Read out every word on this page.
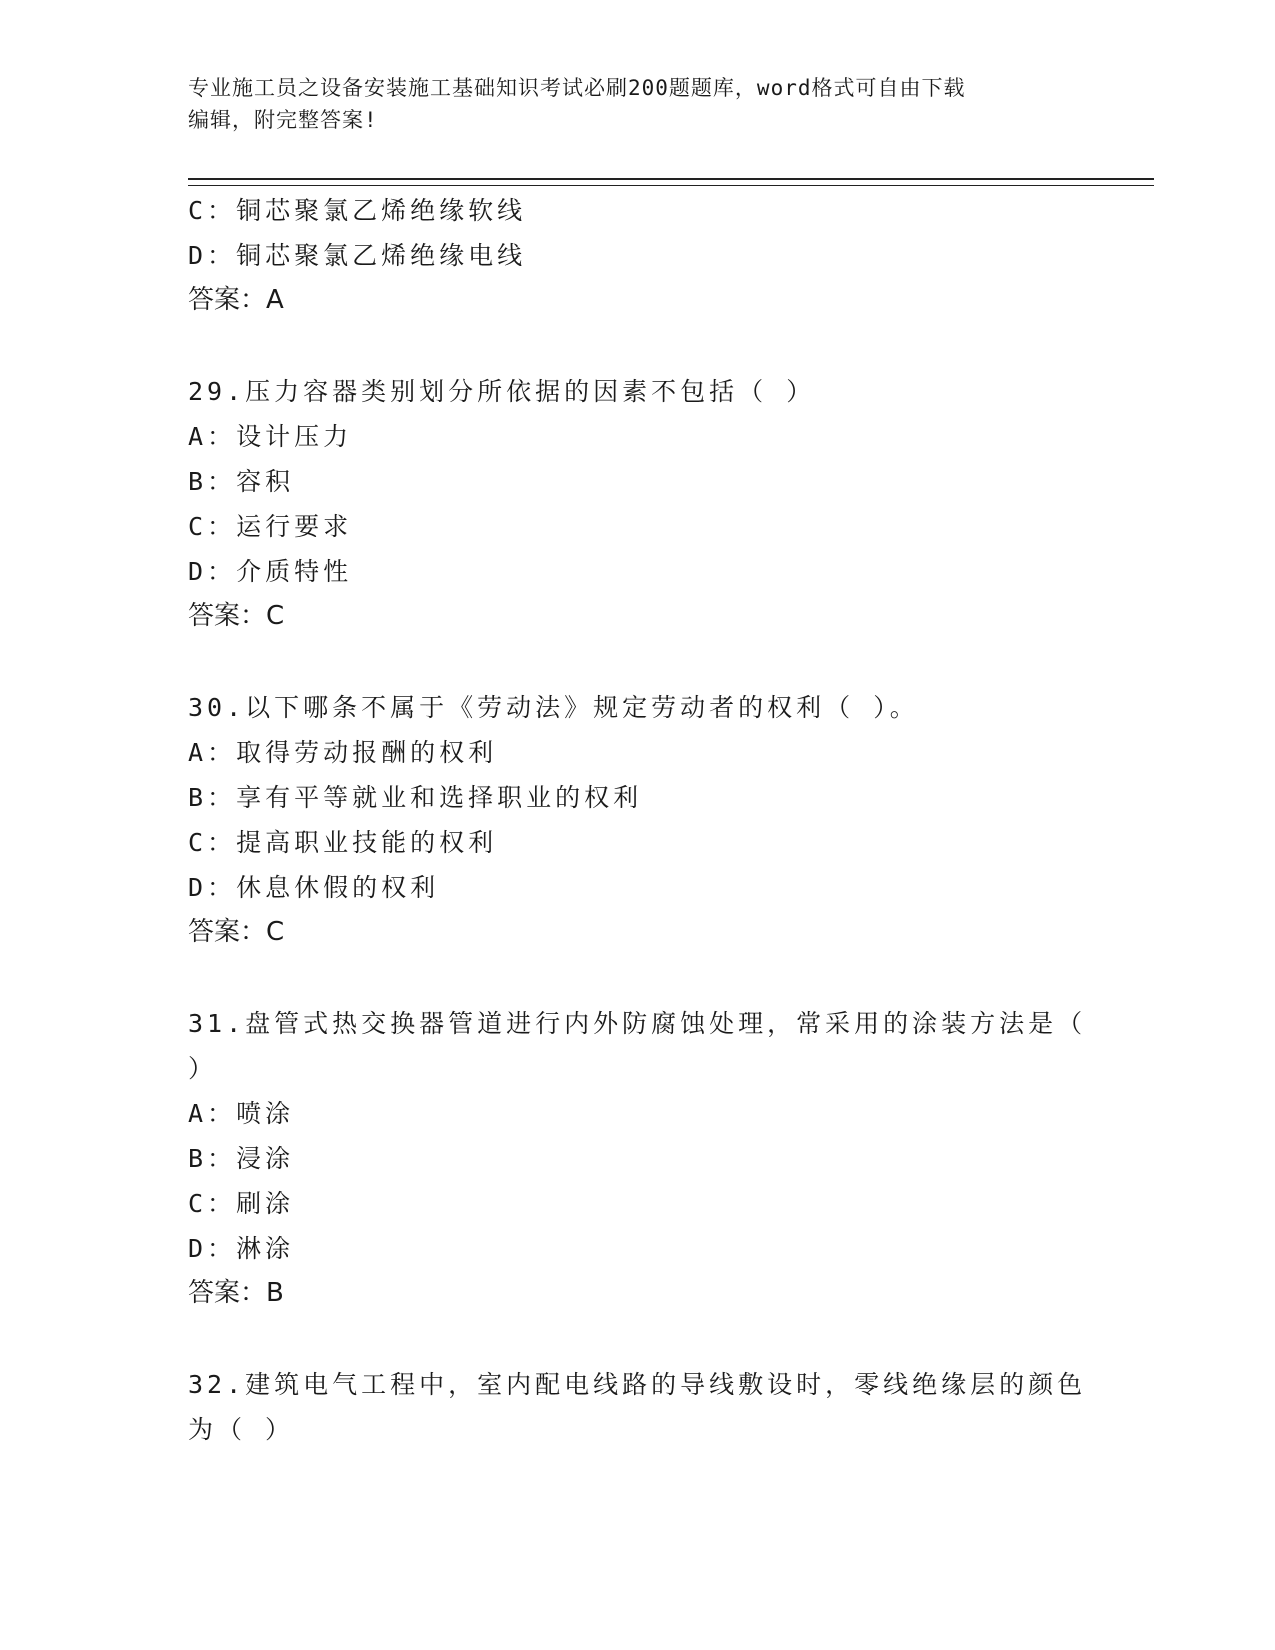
专业施工员之设备安装施工基础知识考试必刷200题题库，word格式可自由下载
编辑，附完整答案!
C：铜芯聚氯乙烯绝缘软线
D：铜芯聚氯乙烯绝缘电线
答案：A
29.压力容器类别划分所依据的因素不包括（ ）
A：设计压力
B：容积
C：运行要求
D：介质特性
答案：C
30.以下哪条不属于《劳动法》规定劳动者的权利（ ）。
A：取得劳动报酬的权利
B：享有平等就业和选择职业的权利
C：提高职业技能的权利
D：休息休假的权利
答案：C
31.盘管式热交换器管道进行内外防腐蚀处理，常采用的涂装方法是（
）
A：喷涂
B：浸涂
C：刷涂
D：淋涂
答案：B
32.建筑电气工程中，室内配电线路的导线敷设时，零线绝缘层的颜色
为（ ）
